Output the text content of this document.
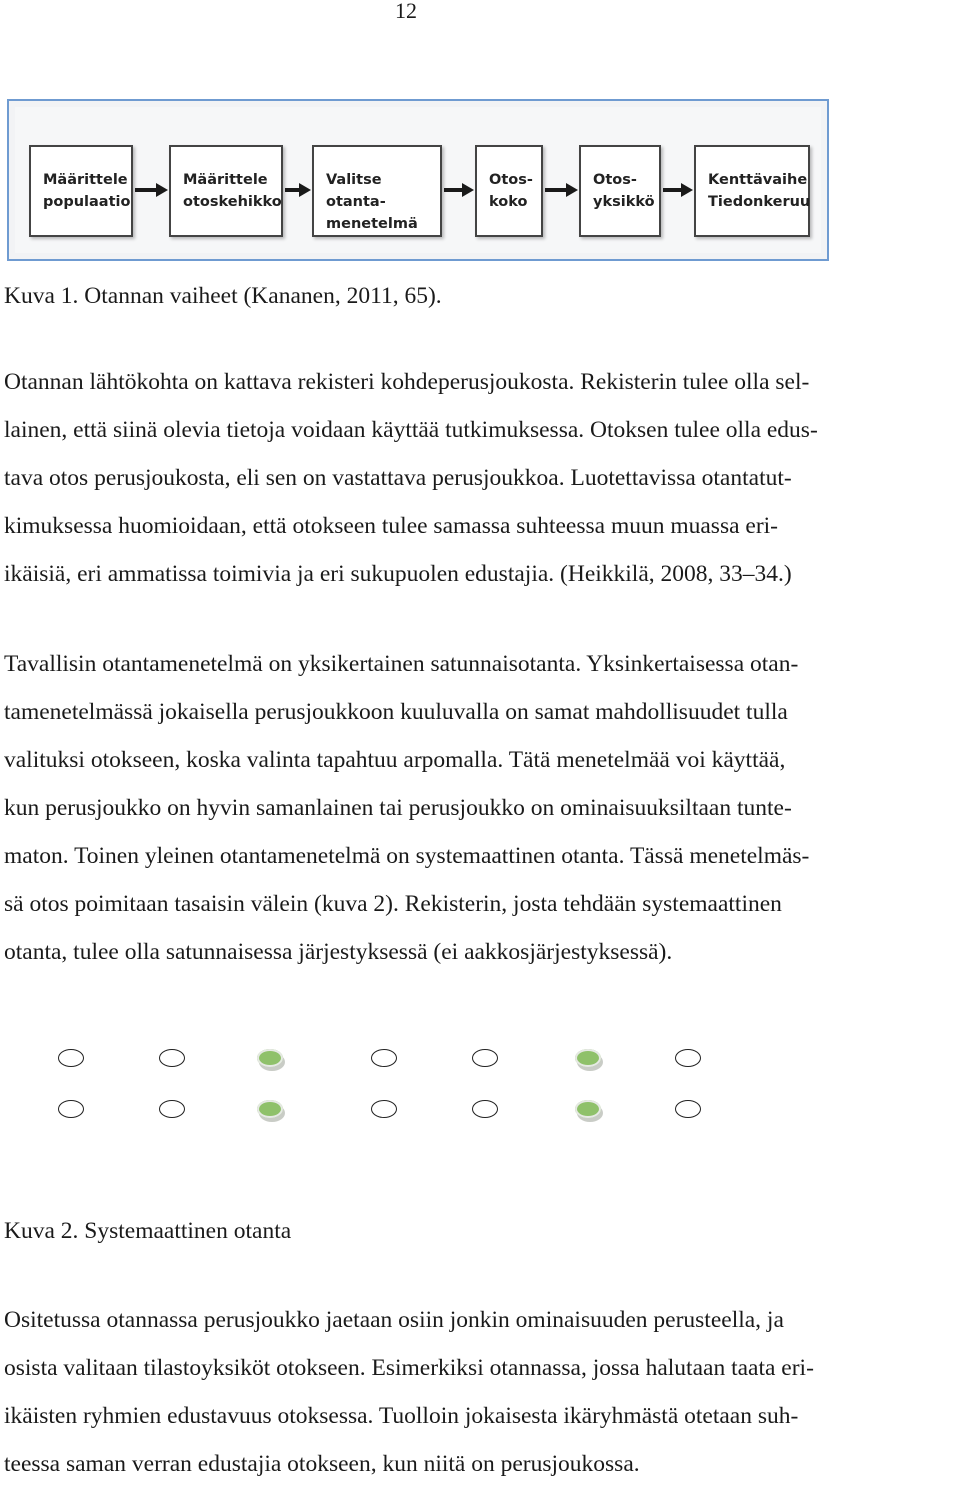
12
Määrittele
populaatio
Määrittele
otoskehikko
Valitse otanta-
menetelmä
Otos-
koko
Otos-
yksikkö
Kenttävaihe
Tiedonkeruu

Kuva 1. Otannan vaiheet (Kananen, 2011, 65).

Otannan lähtökohta on kattava rekisteri kohdeperusjoukosta. Rekisterin tulee olla sel-
lainen, että siinä olevia tietoja voidaan käyttää tutkimuksessa. Otoksen tulee olla edus-
tava otos perusjoukosta, eli sen on vastattava perusjoukkoa. Luotettavissa otantatut-
kimuksessa huomioidaan, että otokseen tulee samassa suhteessa muun muassa eri-
ikäisiä, eri ammatissa toimivia ja eri sukupuolen edustajia. (Heikkilä, 2008, 33–34.)

Tavallisin otantamenetelmä on yksikertainen satunnaisotanta. Yksinkertaisessa otan-
tamenetelmässä jokaisella perusjoukkoon kuuluvalla on samat mahdollisuudet tulla
valituksi otokseen, koska valinta tapahtuu arpomalla. Tätä menetelmää voi käyttää,
kun perusjoukko on hyvin samanlainen tai perusjoukko on ominaisuuksiltaan tunte-
maton. Toinen yleinen otantamenetelmä on systemaattinen otanta. Tässä menetelmäs-
sä otos poimitaan tasaisin välein (kuva 2). Rekisterin, josta tehdään systemaattinen
otanta, tulee olla satunnaisessa järjestyksessä (ei aakkosjärjestyksessä).

Kuva 2. Systemaattinen otanta

Ositetussa otannassa perusjoukko jaetaan osiin jonkin ominaisuuden perusteella, ja
osista valitaan tilastoyksiköt otokseen. Esimerkiksi otannassa, jossa halutaan taata eri-
ikäisten ryhmien edustavuus otoksessa. Tuolloin jokaisesta ikäryhmästä otetaan suh-
teessa saman verran edustajia otokseen, kun niitä on perusjoukossa.
